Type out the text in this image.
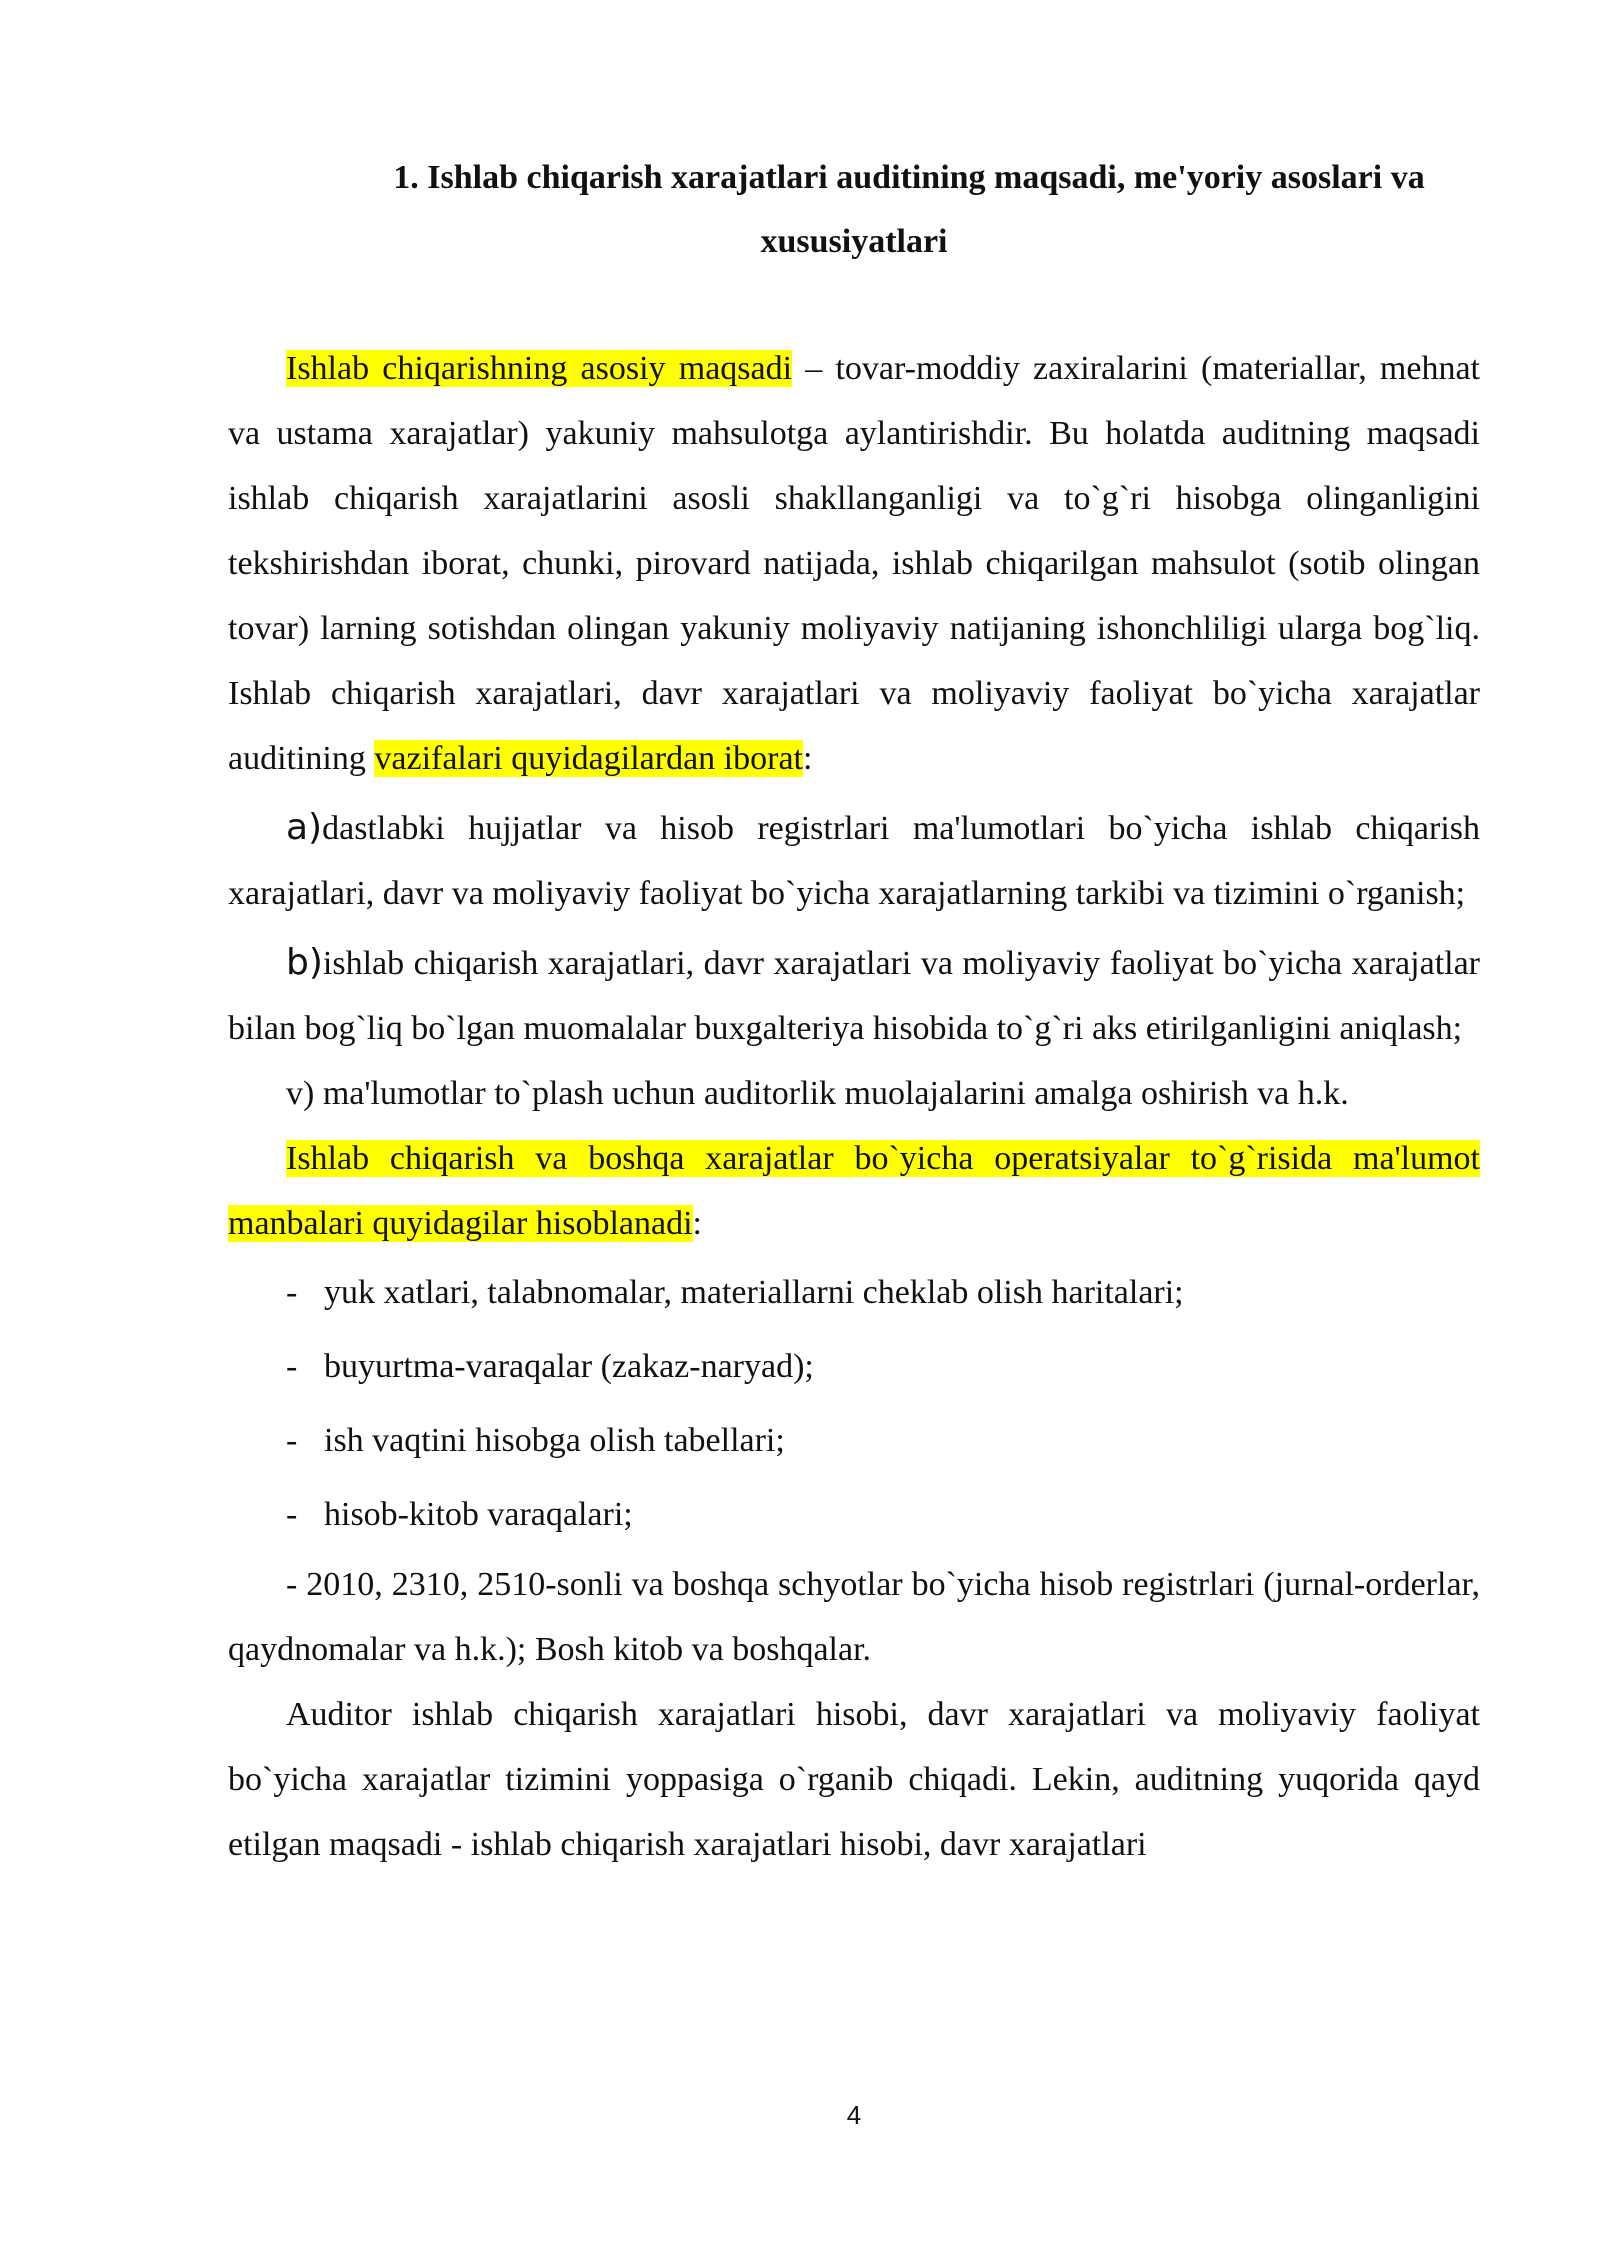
1. Ishlab chiqarish xarajatlari auditining maqsadi, me'yoriy asoslari va
xususiyatlari

Ishlab chiqarishning asosiy maqsadi – tovar-moddiy zaxiralarini (materiallar, mehnat va ustama xarajatlar) yakuniy mahsulotga aylantirishdir. Bu holatda auditning maqsadi ishlab chiqarish xarajatlarini asosli shakllanganligi va to`g`ri hisobga olinganligini tekshirishdan iborat, chunki, pirovard natijada, ishlab chiqarilgan mahsulot (sotib olingan tovar) larning sotishdan olingan yakuniy moliyaviy natijaning ishonchliligi ularga bog`liq. Ishlab chiqarish xarajatlari, davr xarajatlari va moliyaviy faoliyat bo`yicha xarajatlar auditining vazifalari quyidagilardan iborat:

a)dastlabki hujjatlar va hisob registrlari ma'lumotlari bo`yicha ishlab chiqarish xarajatlari, davr va moliyaviy faoliyat bo`yicha xarajatlarning tarkibi va tizimini o`rganish;

b)ishlab chiqarish xarajatlari, davr xarajatlari va moliyaviy faoliyat bo`yicha xarajatlar bilan bog`liq bo`lgan muomalalar buxgalteriya hisobida to`g`ri aks etirilganligini aniqlash;

v) ma'lumotlar to`plash uchun auditorlik muolajalarini amalga oshirish va h.k.

Ishlab chiqarish va boshqa xarajatlar bo`yicha operatsiyalar to`g`risida ma'lumot manbalari quyidagilar hisoblanadi:

- yuk xatlari, talabnomalar, materiallarni cheklab olish haritalari;
- buyurtma-varaqalar (zakaz-naryad);
- ish vaqtini hisobga olish tabellari;
- hisob-kitob varaqalari;

- 2010, 2310, 2510-sonli va boshqa schyotlar bo`yicha hisob registrlari (jurnal-orderlar, qaydnomalar va h.k.); Bosh kitob va boshqalar.

Auditor ishlab chiqarish xarajatlari hisobi, davr xarajatlari va moliyaviy faoliyat bo`yicha xarajatlar tizimini yoppasiga o`rganib chiqadi. Lekin, auditning yuqorida qayd etilgan maqsadi - ishlab chiqarish xarajatlari hisobi, davr xarajatlari

4
